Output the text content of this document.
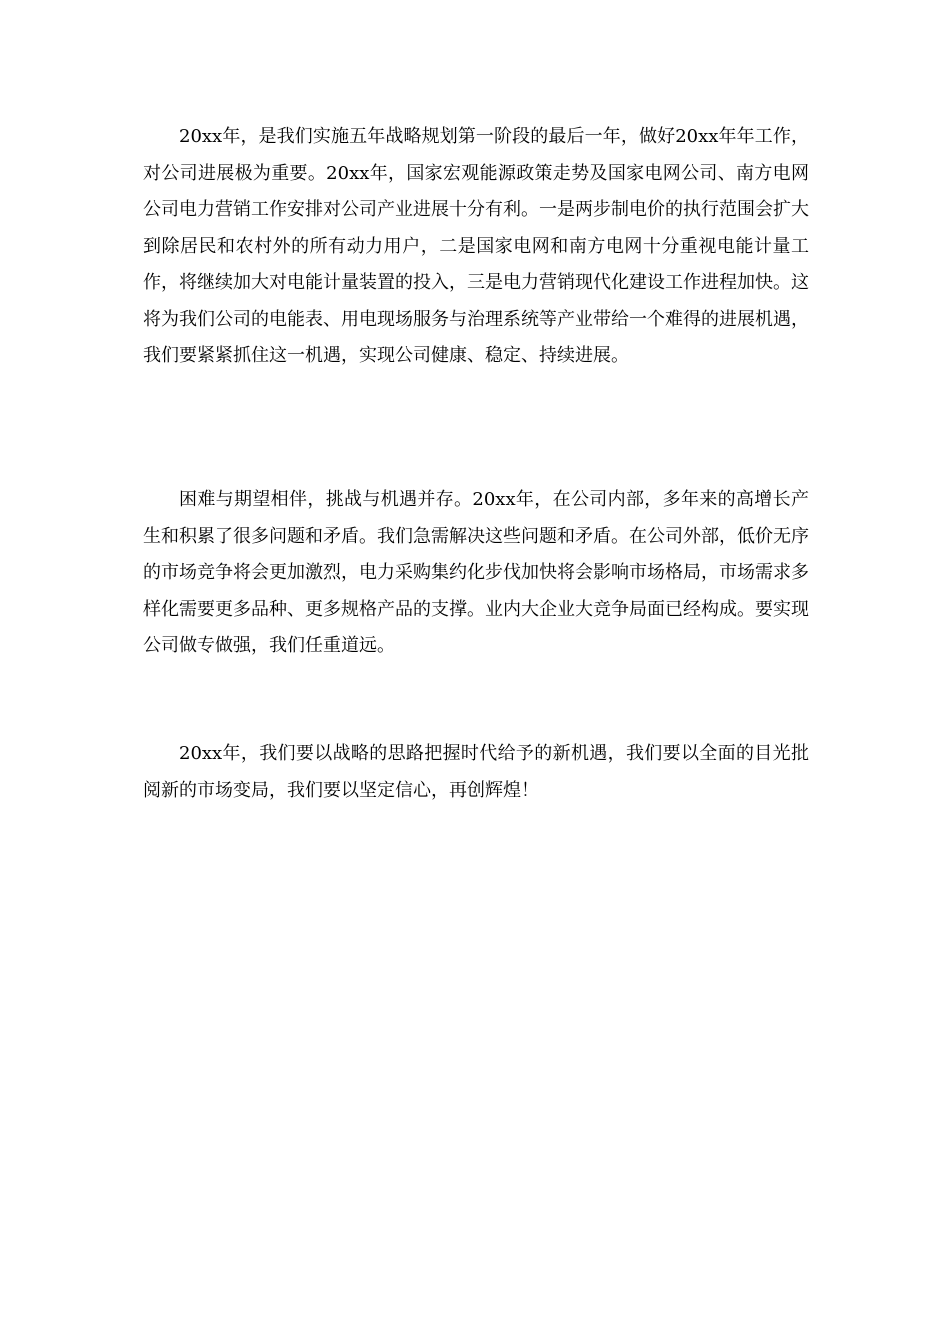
20xx年，是我们实施五年战略规划第一阶段的最后一年，做好20xx年年工作，对公司进展极为重要。20xx年，国家宏观能源政策走势及国家电网公司、南方电网公司电力营销工作安排对公司产业进展十分有利。一是两步制电价的执行范围会扩大到除居民和农村外的所有动力用户，二是国家电网和南方电网十分重视电能计量工作，将继续加大对电能计量装置的投入，三是电力营销现代化建设工作进程加快。这将为我们公司的电能表、用电现场服务与治理系统等产业带给一个难得的进展机遇，我们要紧紧抓住这一机遇，实现公司健康、稳定、持续进展。

困难与期望相伴，挑战与机遇并存。20xx年，在公司内部，多年来的高增长产生和积累了很多问题和矛盾。我们急需解决这些问题和矛盾。在公司外部，低价无序的市场竞争将会更加激烈，电力采购集约化步伐加快将会影响市场格局，市场需求多样化需要更多品种、更多规格产品的支撑。业内大企业大竞争局面已经构成。要实现公司做专做强，我们任重道远。

20xx年，我们要以战略的思路把握时代给予的新机遇，我们要以全面的目光批阅新的市场变局，我们要以坚定信心，再创辉煌！
